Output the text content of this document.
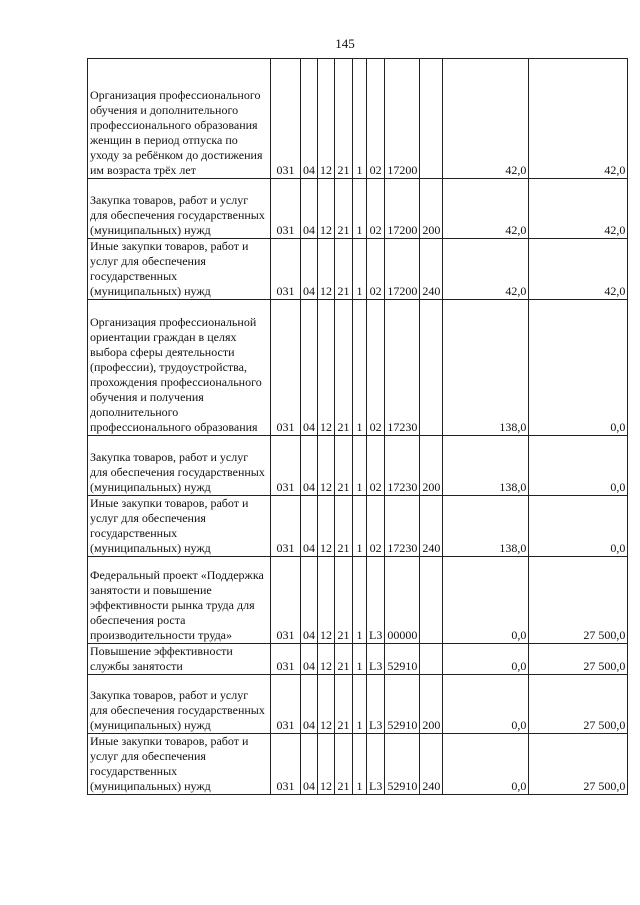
145
Организация профессионального обучения и дополнительного профессионального образования женщин в период отпуска по уходу за ребёнком до достижения им возраста трёх лет	031	04	12	21	1	02	17200		42,0	42,0
Закупка товаров, работ и услуг для обеспечения государственных (муниципальных) нужд	031	04	12	21	1	02	17200	200	42,0	42,0
Иные закупки товаров, работ и услуг для обеспечения государственных (муниципальных) нужд	031	04	12	21	1	02	17200	240	42,0	42,0
Организация профессиональной ориентации граждан в целях выбора сферы деятельности (профессии), трудоустройства, прохождения профессионального обучения и получения дополнительного профессионального образования	031	04	12	21	1	02	17230		138,0	0,0
Закупка товаров, работ и услуг для обеспечения государственных (муниципальных) нужд	031	04	12	21	1	02	17230	200	138,0	0,0
Иные закупки товаров, работ и услуг для обеспечения государственных (муниципальных) нужд	031	04	12	21	1	02	17230	240	138,0	0,0
Федеральный проект «Поддержка занятости и повышение эффективности рынка труда для обеспечения роста производительности труда»	031	04	12	21	1	L3	00000		0,0	27 500,0
Повышение эффективности службы занятости	031	04	12	21	1	L3	52910		0,0	27 500,0
Закупка товаров, работ и услуг для обеспечения государственных (муниципальных) нужд	031	04	12	21	1	L3	52910	200	0,0	27 500,0
Иные закупки товаров, работ и услуг для обеспечения государственных (муниципальных) нужд	031	04	12	21	1	L3	52910	240	0,0	27 500,0
